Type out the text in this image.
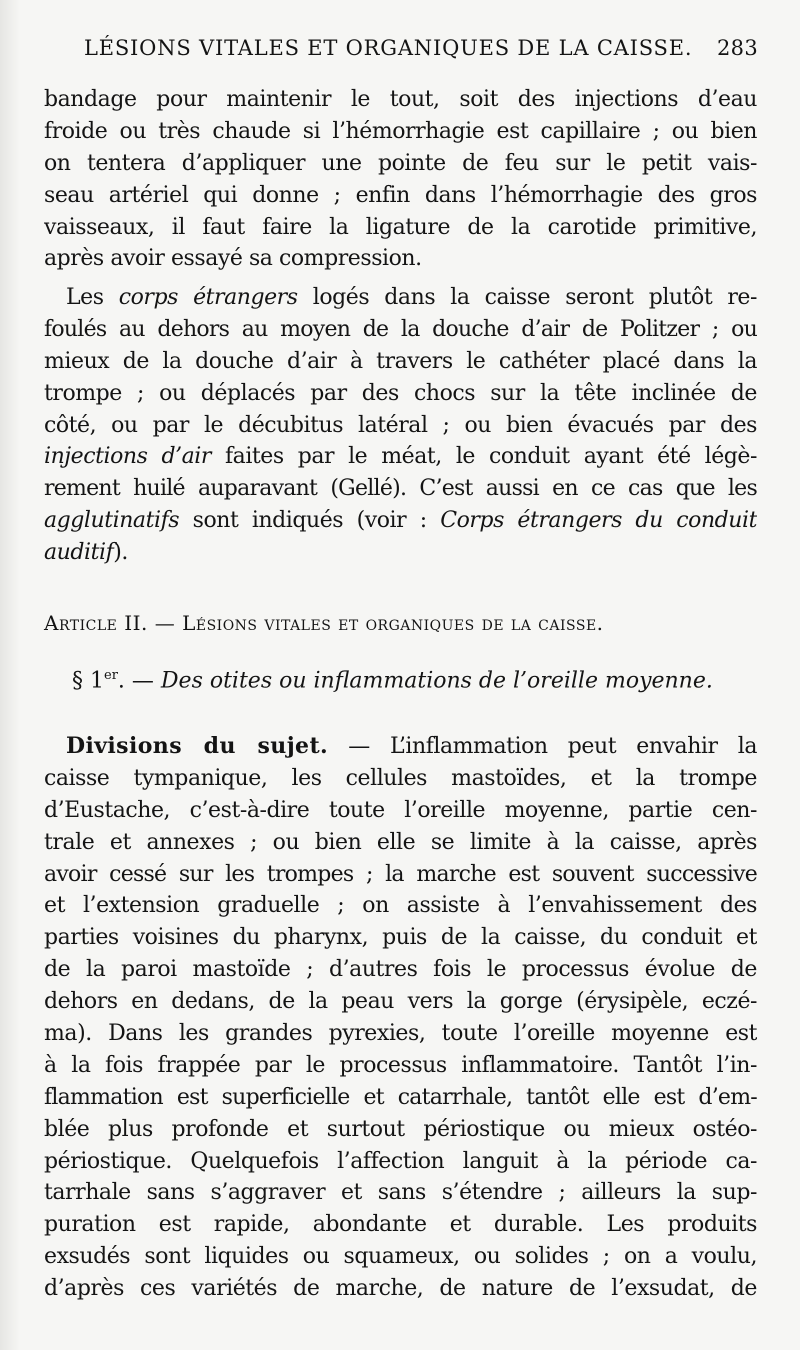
LÉSIONS VITALES ET ORGANIQUES DE LA CAISSE. 283
bandage pour maintenir le tout, soit des injections d’eau
froide ou très chaude si l’hémorrhagie est capillaire ; ou bien
on tentera d’appliquer une pointe de feu sur le petit vais-
seau artériel qui donne ; enfin dans l’hémorrhagie des gros
vaisseaux, il faut faire la ligature de la carotide primitive,
après avoir essayé sa compression.
Les corps étrangers logés dans la caisse seront plutôt re-
foulés au dehors au moyen de la douche d’air de Politzer ; ou
mieux de la douche d’air à travers le cathéter placé dans la
trompe ; ou déplacés par des chocs sur la tête inclinée de
côté, ou par le décubitus latéral ; ou bien évacués par des
injections d’air faites par le méat, le conduit ayant été légè-
rement huilé auparavant (Gellé). C’est aussi en ce cas que les
agglutinatifs sont indiqués (voir : Corps étrangers du conduit
auditif).
Article II. — Lésions vitales et organiques de la caisse.
§ 1er. — Des otites ou inflammations de l’oreille moyenne.
Divisions du sujet. — L’inflammation peut envahir la
caisse tympanique, les cellules mastoïdes, et la trompe
d’Eustache, c’est-à-dire toute l’oreille moyenne, partie cen-
trale et annexes ; ou bien elle se limite à la caisse, après
avoir cessé sur les trompes ; la marche est souvent successive
et l’extension graduelle ; on assiste à l’envahissement des
parties voisines du pharynx, puis de la caisse, du conduit et
de la paroi mastoïde ; d’autres fois le processus évolue de
dehors en dedans, de la peau vers la gorge (érysipèle, eczé-
ma). Dans les grandes pyrexies, toute l’oreille moyenne est
à la fois frappée par le processus inflammatoire. Tantôt l’in-
flammation est superficielle et catarrhale, tantôt elle est d’em-
blée plus profonde et surtout périostique ou mieux ostéo-
périostique. Quelquefois l’affection languit à la période ca-
tarrhale sans s’aggraver et sans s’étendre ; ailleurs la sup-
puration est rapide, abondante et durable. Les produits
exsudés sont liquides ou squameux, ou solides ; on a voulu,
d’après ces variétés de marche, de nature de l’exsudat, de
